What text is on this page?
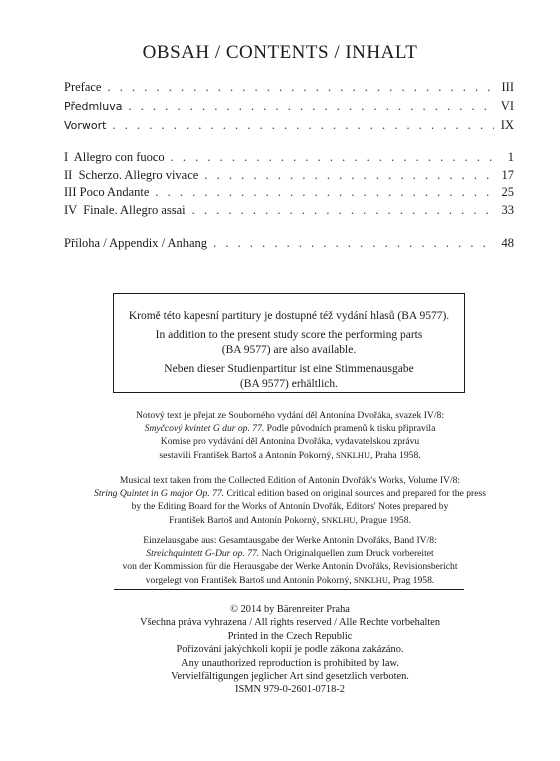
OBSAH / CONTENTS / INHALT
Preface . . .	III
Předmluva . . .	VI
Vorwort . . .	IX
I  Allegro con fuoco . . .	1
II  Scherzo. Allegro vivace . . .	17
III Poco Andante . . .	25
IV  Finale. Allegro assai . . .	33
Příloha / Appendix / Anhang . . .	48

Kromě této kapesní partitury je dostupné též vydání hlasů (BA 9577).

In addition to the present study score the performing parts
(BA 9577) are also available.

Neben dieser Studienpartitur ist eine Stimmenausgabe
(BA 9577) erhältlich.

Notový text je přejat ze Souborného vydání děl Antonína Dvořáka, svazek IV/8:

Smyčcový kvintet G dur op. 77. Podle původních pramenů k tisku připravila

Komise pro vydávání děl Antonína Dvořáka, vydavatelskou zprávu

sestavili František Bartoš a Antonín Pokorný, SNKLHU, Praha 1958.

Musical text taken from the Collected Edition of Antonín Dvořák's Works, Volume IV/8:

String Quintet in G major Op. 77. Critical edition based on original sources and prepared for the press

by the Editing Board for the Works of Antonín Dvořák, Editors' Notes prepared by

František Bartoš and Antonín Pokorný, SNKLHU, Prague 1958.

Einzelausgabe aus: Gesamtausgabe der Werke Antonín Dvořáks, Band IV/8:

Streichquintett G-Dur op. 77. Nach Originalquellen zum Druck vorbereitet

von der Kommission für die Herausgabe der Werke Antonín Dvořáks, Revisionsbericht

vorgelegt von František Bartoš und Antonín Pokorný, SNKLHU, Prag 1958.

© 2014 by Bärenreiter Praha

Všechna práva vyhrazena / All rights reserved / Alle Rechte vorbehalten

Printed in the Czech Republic

Pořizování jakýchkoli kopií je podle zákona zakázáno.

Any unauthorized reproduction is prohibited by law.

Vervielfältigungen jeglicher Art sind gesetzlich verboten.

ISMN 979-0-2601-0718-2
